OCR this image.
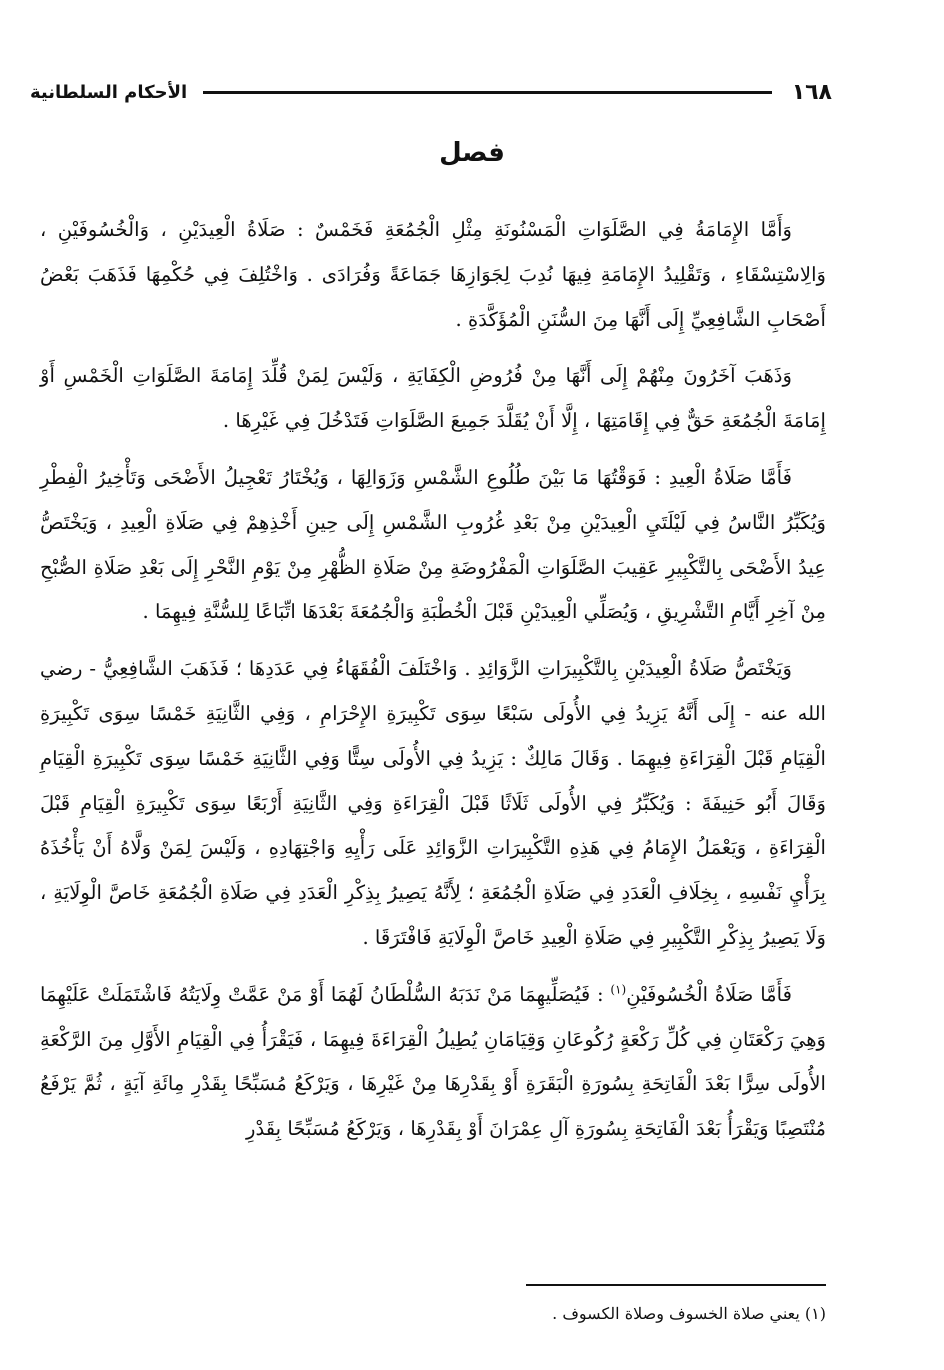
١٦٨
الأحكام السلطانية
فصل

وَأَمَّا الإِمَامَةُ فِي الصَّلَوَاتِ الْمَسْنُونَةِ مِثْلِ الْجُمُعَةِ فَخَمْسٌ : صَلَاةُ الْعِيدَيْنِ ، وَالْخُسُوفَيْنِ ، وَالِاسْتِسْقَاءِ ، وَتَقْلِيدُ الإِمَامَةِ فِيهَا نُدِبَ لِجَوَازِهَا جَمَاعَةً وَفُرَادَى . وَاخْتُلِفَ فِي حُكْمِهَا فَذَهَبَ بَعْضُ أَصْحَابِ الشَّافِعِيِّ إِلَى أَنَّهَا مِنَ السُّنَنِ الْمُؤَكَّدَةِ .

وَذَهَبَ آخَرُونَ مِنْهُمْ إِلَى أَنَّهَا مِنْ فُرُوضِ الْكِفَايَةِ ، وَلَيْسَ لِمَنْ قُلِّدَ إِمَامَةَ الصَّلَوَاتِ الْخَمْسِ أَوْ إِمَامَةَ الْجُمُعَةِ حَقٌّ فِي إِقَامَتِهَا ، إِلَّا أَنْ يُقَلَّدَ جَمِيعَ الصَّلَوَاتِ فَتَدْخُلَ فِي غَيْرِهَا .

فَأَمَّا صَلَاةُ الْعِيدِ : فَوَقْتُهَا مَا بَيْنَ طُلُوعِ الشَّمْسِ وَزَوَالِهَا ، وَيُخْتَارُ تَعْجِيلُ الأَضْحَى وَتَأْخِيرُ الْفِطْرِ وَيُكَبِّرُ النَّاسُ فِي لَيْلَتَيِ الْعِيدَيْنِ مِنْ بَعْدِ غُرُوبِ الشَّمْسِ إِلَى حِينِ أَخْذِهِمْ فِي صَلَاةِ الْعِيدِ ، وَيَخْتَصُّ عِيدُ الأَضْحَى بِالتَّكْبِيرِ عَقِيبَ الصَّلَوَاتِ الْمَفْرُوضَةِ مِنْ صَلَاةِ الظُّهْرِ مِنْ يَوْمِ النَّحْرِ إِلَى بَعْدِ صَلَاةِ الصُّبْحِ مِنْ آخِرِ أَيَّامِ التَّشْرِيقِ ، وَيُصَلِّي الْعِيدَيْنِ قَبْلَ الْخُطْبَةِ وَالْجُمُعَةَ بَعْدَهَا اتِّبَاعًا لِلسُّنَّةِ فِيهِمَا .

وَيَخْتَصُّ صَلَاةُ الْعِيدَيْنِ بِالتَّكْبِيرَاتِ الزَّوَائِدِ . وَاخْتَلَفَ الْفُقَهَاءُ فِي عَدَدِهَا ؛ فَذَهَبَ الشَّافِعِيُّ - رضي الله عنه - إِلَى أَنَّهُ يَزِيدُ فِي الأُولَى سَبْعًا سِوَى تَكْبِيرَةِ الإِحْرَامِ ، وَفِي الثَّانِيَةِ خَمْسًا سِوَى تَكْبِيرَةِ الْقِيَامِ قَبْلَ الْقِرَاءَةِ فِيهِمَا . وَقَالَ مَالِكٌ : يَزِيدُ فِي الأُولَى سِتًّا وَفِي الثَّانِيَةِ خَمْسًا سِوَى تَكْبِيرَةِ الْقِيَامِ وَقَالَ أَبُو حَنِيفَةَ : وَيُكَبِّرُ فِي الأُولَى ثَلَاثًا قَبْلَ الْقِرَاءَةِ وَفِي الثَّانِيَةِ أَرْبَعًا سِوَى تَكْبِيرَةِ الْقِيَامِ قَبْلَ الْقِرَاءَةِ ، وَيَعْمَلُ الإِمَامُ فِي هَذِهِ التَّكْبِيرَاتِ الزَّوَائِدِ عَلَى رَأْيِهِ وَاجْتِهَادِهِ ، وَلَيْسَ لِمَنْ وَلَّاهُ أَنْ يَأْخُذَهُ بِرَأْيِ نَفْسِهِ ، بِخِلَافِ الْعَدَدِ فِي صَلَاةِ الْجُمُعَةِ ؛ لِأَنَّهُ يَصِيرُ بِذِكْرِ الْعَدَدِ فِي صَلَاةِ الْجُمُعَةِ خَاصَّ الْوِلَايَةِ ، وَلَا يَصِيرُ بِذِكْرِ التَّكْبِيرِ فِي صَلَاةِ الْعِيدِ خَاصَّ الْوِلَايَةِ فَافْتَرَقَا .

فَأَمَّا صَلَاةُ الْخُسُوفَيْنِ$^{(١)}$ : فَيُصَلِّيهِمَا مَنْ نَدَبَهُ السُّلْطَانُ لَهُمَا أَوْ مَنْ عَمَّتْ وِلَايَتُهُ فَاشْتَمَلَتْ عَلَيْهِمَا وَهِيَ رَكْعَتَانِ فِي كُلِّ رَكْعَةٍ رُكُوعَانِ وَقِيَامَانِ يُطِيلُ الْقِرَاءَةَ فِيهِمَا ، فَيَقْرَأُ فِي الْقِيَامِ الأَوَّلِ مِنَ الرَّكْعَةِ الأُولَى سِرًّا بَعْدَ الْفَاتِحَةِ بِسُورَةِ الْبَقَرَةِ أَوْ بِقَدْرِهَا مِنْ غَيْرِهَا ، وَيَرْكَعُ مُسَبِّحًا بِقَدْرِ مِائَةِ آيَةٍ ، ثُمَّ يَرْفَعُ مُنْتَصِبًا وَيَقْرَأُ بَعْدَ الْفَاتِحَةِ بِسُورَةِ آلِ عِمْرَانَ أَوْ بِقَدْرِهَا ، وَيَرْكَعُ مُسَبِّحًا بِقَدْرِ

(١) يعني صلاة الخسوف وصلاة الكسوف .
